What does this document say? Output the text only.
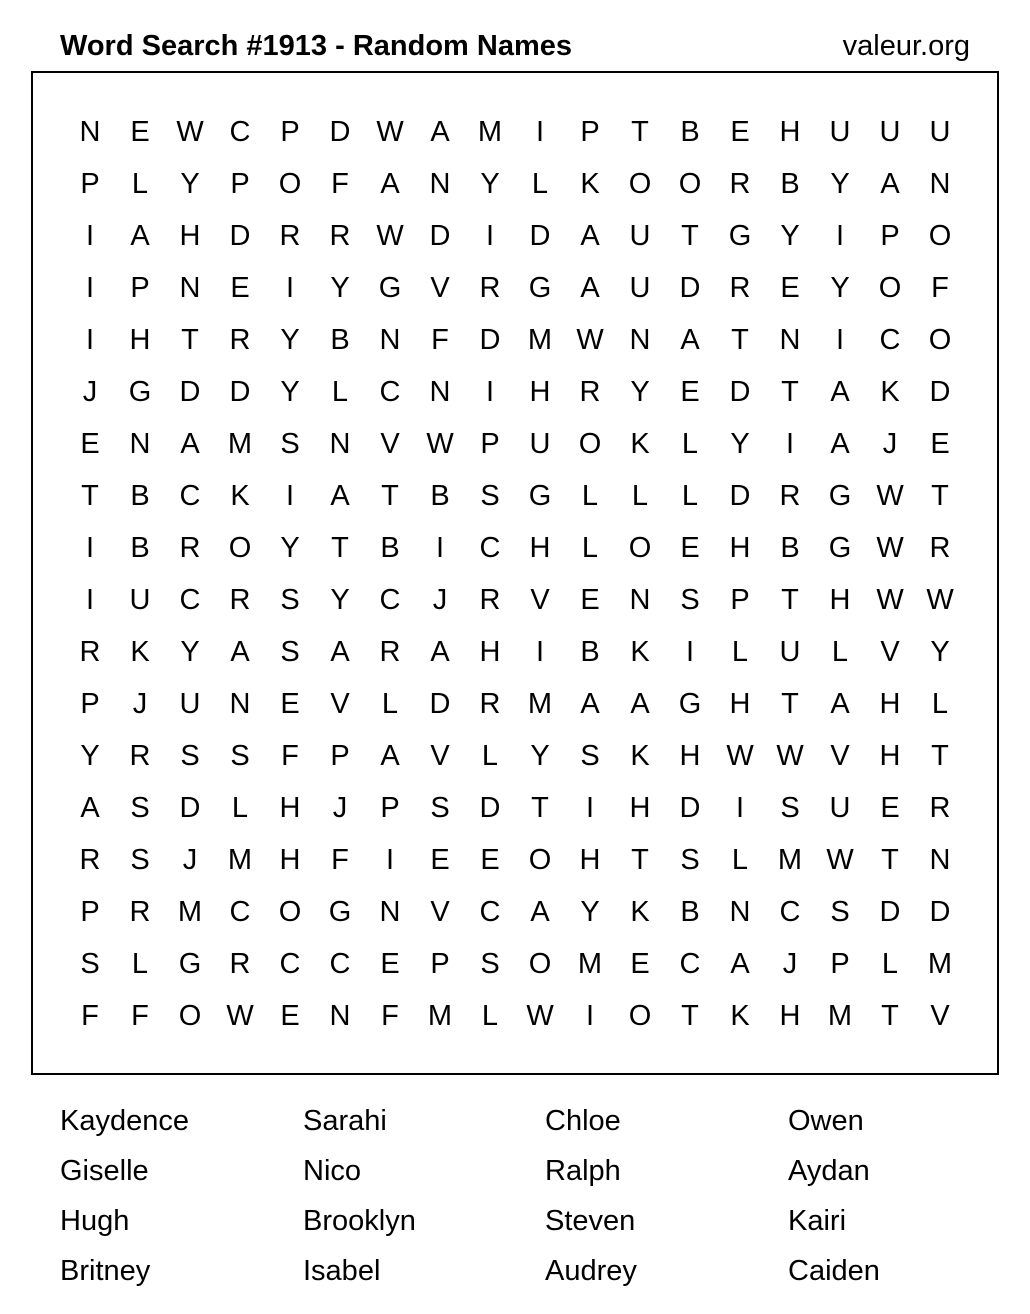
Word Search #1913 - Random Names	valeur.org
N	E W C	P	D W A M	I	P	T	B	E	H	U	U	U
P	L	Y	P	O	F	A	N	Y	L	K	O O R	B	Y	A	N
I	A	H	D	R	R W D	I	D	A	U	T	G	Y	I	P	O
I	P	N	E	I	Y	G	V	R G	A	U	D	R	E	Y	O	F
I	H	T	R	Y	B	N	F	D M W N	A	T	N	I	C O
J	G D	D	Y	L	C	N	I	H	R	Y	E	D	T	A	K	D
E	N	A M S	N	V W P	U O	K	L	Y	I	A	J	E
T	B	C	K	I	A	T	B	S	G	L	L	L	D	R G W T
I	B	R O	Y	T	B	I	C	H	L	O	E	H	B	G W R
I	U	C	R	S	Y	C	J	R	V	E	N	S	P	T	H W W
R	K	Y	A	S	A	R	A	H	I	B	K	I	L	U	L	V	Y
P	J	U	N	E	V	L	D	R M A	A	G H	T	A	H	L
Y	R	S	S	F	P	A	V	L	Y	S	K	H W W V	H	T
A	S	D	L	H	J	P	S	D	T	I	H	D	I	S	U	E	R
R	S	J	M H	F	I	E	E	O H	T	S	L	M W T	N
P	R M C O G N	V	C	A	Y	K	B	N	C	S	D	D
S	L	G R	C	C	E	P	S	O M E	C	A	J	P	L	M
F	F	O W E	N	F	M	L W	I	O	T	K	H M	T	V
Kaydence	Sarahi	Chloe	Owen
Giselle	Nico	Ralph	Aydan
Hugh	Brooklyn	Steven	Kairi
Britney	Isabel	Audrey	Caiden
